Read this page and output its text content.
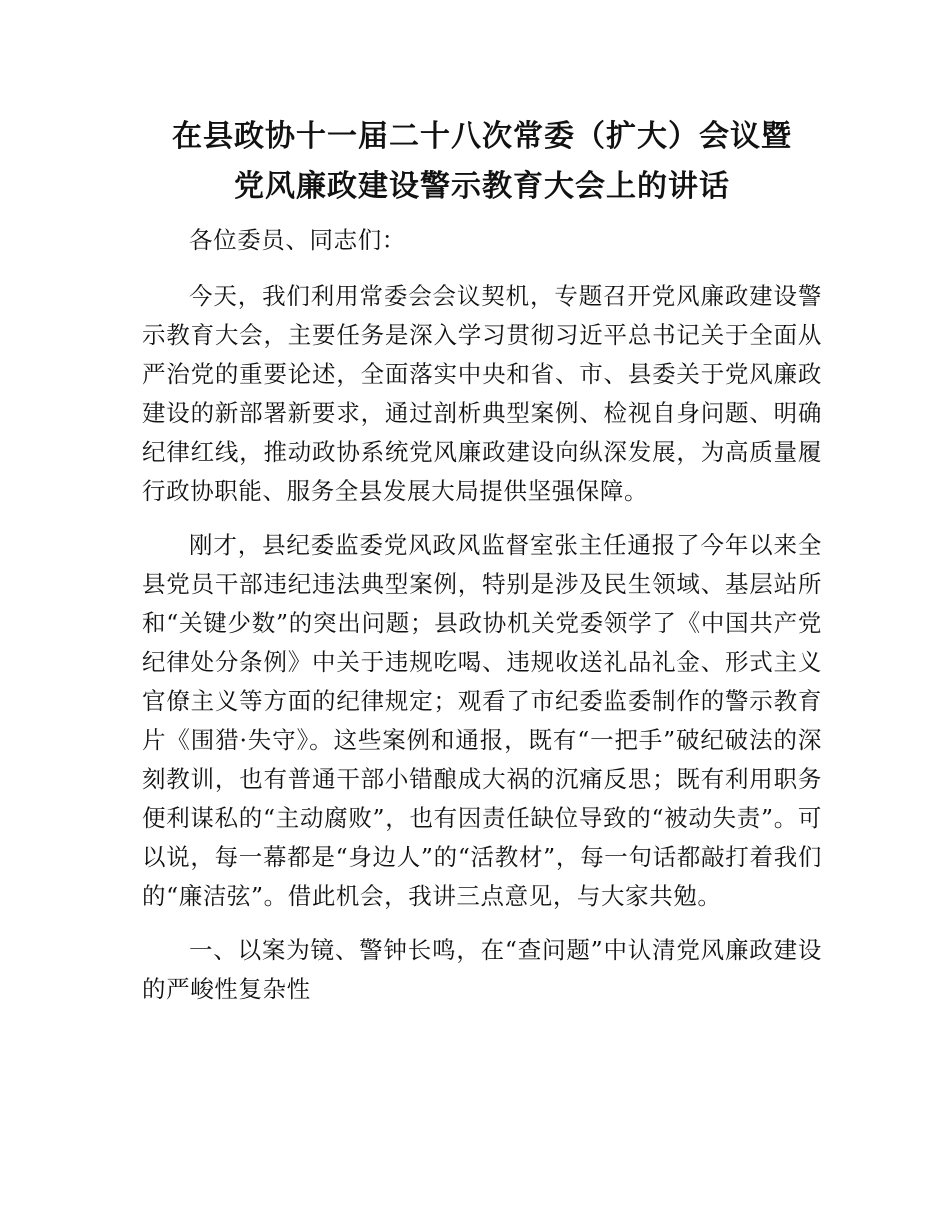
在县政协十一届二十八次常委（扩大）会议暨
党风廉政建设警示教育大会上的讲话

各位委员、同志们：

今天，我们利用常委会会议契机，专题召开党风廉政建设警示教育大会，主要任务是深入学习贯彻习近平总书记关于全面从严治党的重要论述，全面落实中央和省、市、县委关于党风廉政建设的新部署新要求，通过剖析典型案例、检视自身问题、明确纪律红线，推动政协系统党风廉政建设向纵深发展，为高质量履行政协职能、服务全县发展大局提供坚强保障。

刚才，县纪委监委党风政风监督室张主任通报了今年以来全县党员干部违纪违法典型案例，特别是涉及民生领域、基层站所和“关键少数”的突出问题；县政协机关党委领学了《中国共产党纪律处分条例》中关于违规吃喝、违规收送礼品礼金、形式主义官僚主义等方面的纪律规定；观看了市纪委监委制作的警示教育片《围猎·失守》。这些案例和通报，既有“一把手”破纪破法的深刻教训，也有普通干部小错酿成大祸的沉痛反思；既有利用职务便利谋私的“主动腐败”，也有因责任缺位导致的“被动失责”。可以说，每一幕都是“身边人”的“活教材”，每一句话都敲打着我们的“廉洁弦”。借此机会，我讲三点意见，与大家共勉。

一、以案为镜、警钟长鸣，在“查问题”中认清党风廉政建设的严峻性复杂性
